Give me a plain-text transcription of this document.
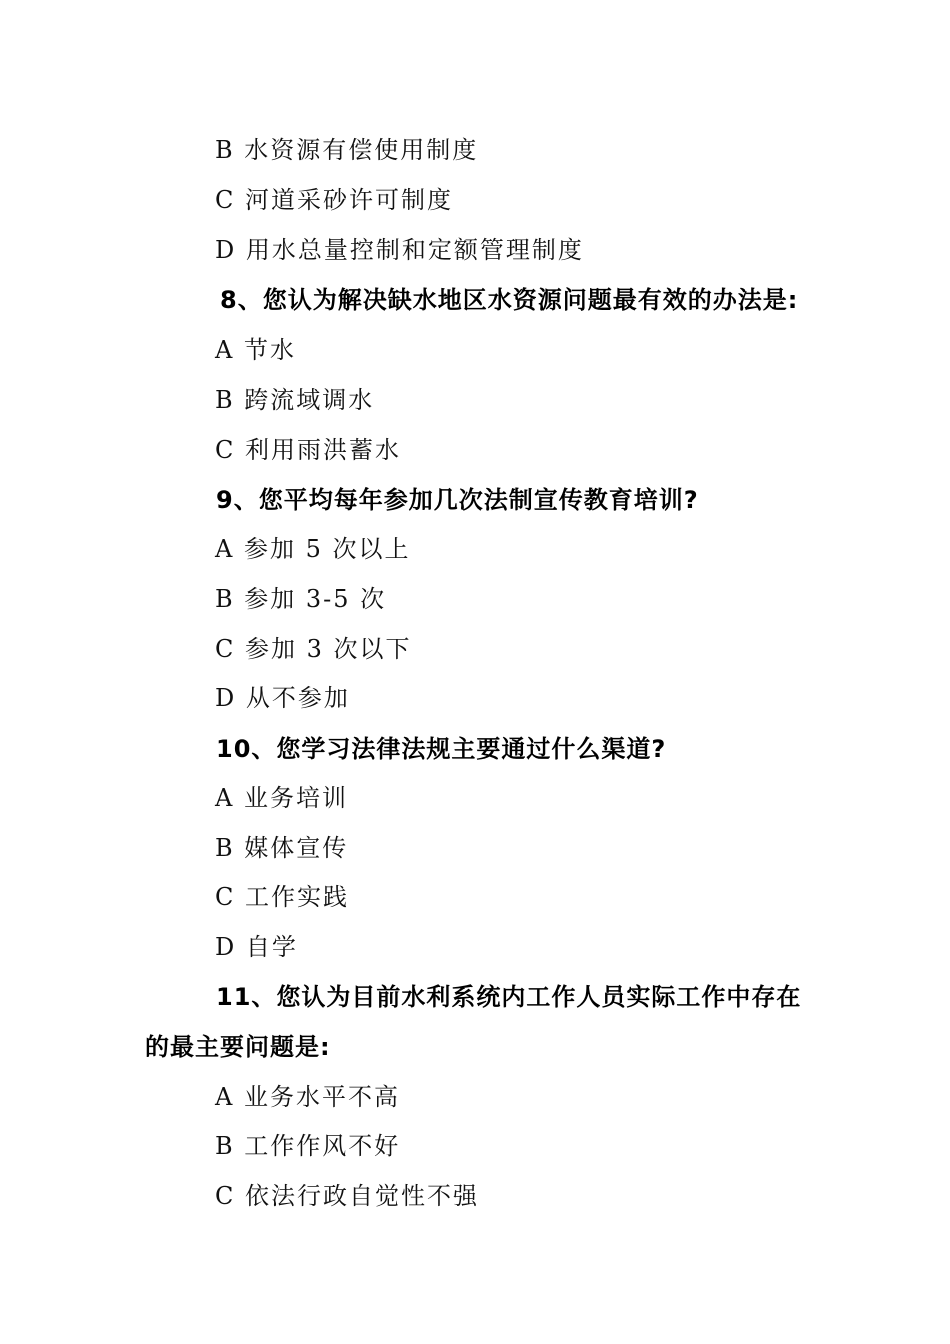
B 水资源有偿使用制度
C 河道采砂许可制度
D 用水总量控制和定额管理制度
8、您认为解决缺水地区水资源问题最有效的办法是:
A 节水
B 跨流域调水
C 利用雨洪蓄水
9、您平均每年参加几次法制宣传教育培训?
A 参加 5 次以上
B 参加 3-5 次
C 参加 3 次以下
D 从不参加
10、您学习法律法规主要通过什么渠道?
A 业务培训
B 媒体宣传
C 工作实践
D 自学
11、您认为目前水利系统内工作人员实际工作中存在
的最主要问题是:
A 业务水平不高
B 工作作风不好
C 依法行政自觉性不强
